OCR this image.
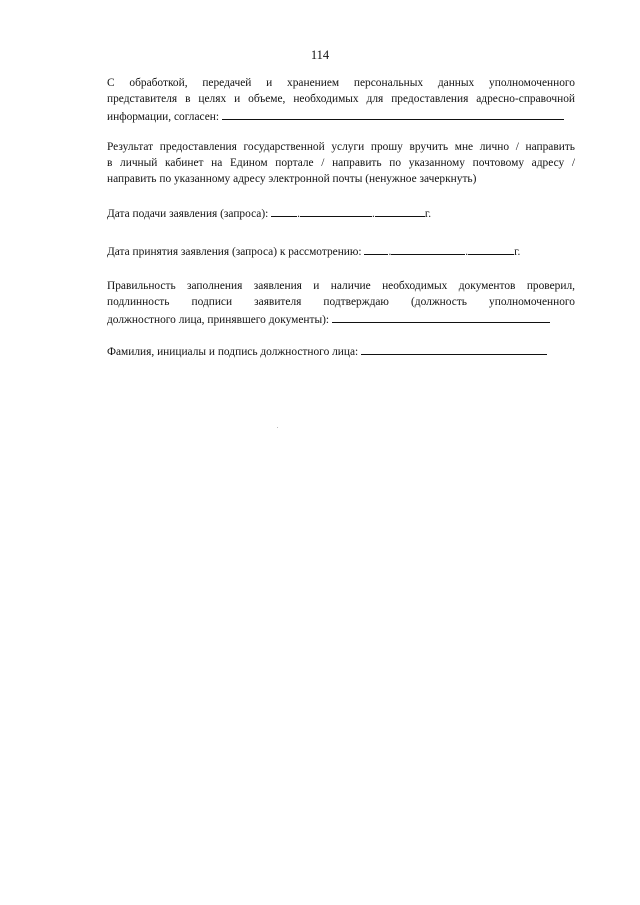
114
С обработкой, передачей и хранением персональных данных уполномоченного
представителя в целях и объеме, необходимых для предоставления адресно-справочной
информации, согласен:
Результат предоставления государственной услуги прошу вручить мне лично / направить
в личный кабинет на Едином портале / направить по указанному почтовому адресу /
направить по указанному адресу электронной почты (ненужное зачеркнуть)
Дата подачи заявления (запроса):	.	.	г.
Дата принятия заявления (запроса) к рассмотрению: .	.	г.
Правильность заполнения заявления и наличие необходимых документов проверил,
подлинность подписи заявителя подтверждаю (должность уполномоченного
должностного лица, принявшего документы):
Фамилия, инициалы и подпись должностного лица:
